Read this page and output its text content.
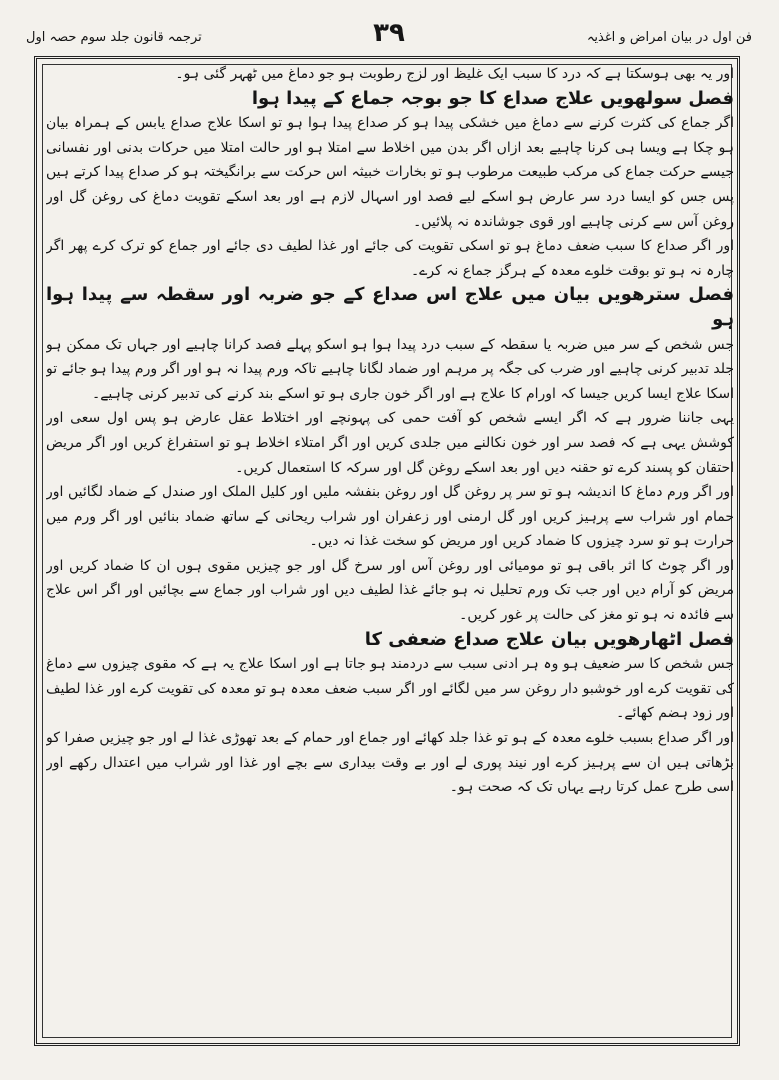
فن اول در بیان امراض و اغذیہ
۳۹
ترجمہ قانون جلد سوم حصہ اول

اور یہ بھی ہوسکتا ہے کہ درد کا سبب ایک غلیظ اور لزج رطوبت ہو جو دماغ میں ٹھہر گئی ہو۔

فصل سولھویں علاج صداع کا جو بوجہ جماع کے پیدا ہوا

اگر جماع کی کثرت کرنے سے دماغ میں خشکی پیدا ہو کر صداع پیدا ہوا ہو تو اسکا علاج صداع یابس کے ہمراہ بیان ہو چکا ہے ویسا ہی کرنا چاہیے بعد ازاں اگر بدن میں اخلاط سے امتلا ہو اور حالت امتلا میں حرکات بدنی اور نفسانی جیسے حرکت جماع کی مرکب طبیعت مرطوب ہو تو بخارات خبیثہ اس حرکت سے برانگیختہ ہو کر صداع پیدا کرتے ہیں پس جس کو ایسا درد سر عارض ہو اسکے لیے فصد اور اسہال لازم ہے اور بعد اسکے تقویت دماغ کی روغن گل اور روغن آس سے کرنی چاہیے اور قوی جوشاندہ نہ پلائیں۔

اور اگر صداع کا سبب ضعف دماغ ہو تو اسکی تقویت کی جائے اور غذا لطیف دی جائے اور جماع کو ترک کرے پھر اگر چارہ نہ ہو تو بوقت خلوے معدہ کے ہرگز جماع نہ کرے۔

فصل سترھویں بیان میں علاج اس صداع کے جو ضربہ اور سقطہ سے پیدا ہوا ہو

جس شخص کے سر میں ضربہ یا سقطہ کے سبب درد پیدا ہوا ہو اسکو پہلے فصد کرانا چاہیے اور جہاں تک ممکن ہو جلد تدبیر کرنی چاہیے اور ضرب کی جگہ پر مرہم اور ضماد لگانا چاہیے تاکہ ورم پیدا نہ ہو اور اگر ورم پیدا ہو جائے تو اسکا علاج ایسا کریں جیسا کہ اورام کا علاج ہے اور اگر خون جاری ہو تو اسکے بند کرنے کی تدبیر کرنی چاہیے۔

یہی جاننا ضرور ہے کہ اگر ایسے شخص کو آفت حمی کی پہونچے اور اختلاط عقل عارض ہو پس اول سعی اور کوشش یہی ہے کہ فصد سر اور خون نکالنے میں جلدی کریں اور اگر امتلاء اخلاط ہو تو استفراغ کریں اور اگر مریض احتقان کو پسند کرے تو حقنہ دیں اور بعد اسکے روغن گل اور سرکہ کا استعمال کریں۔

اور اگر ورم دماغ کا اندیشہ ہو تو سر پر روغن گل اور روغن بنفشہ ملیں اور کلیل الملک اور صندل کے ضماد لگائیں اور حمام اور شراب سے پرہیز کریں اور گل ارمنی اور زعفران اور شراب ریحانی کے ساتھ ضماد بنائیں اور اگر ورم میں حرارت ہو تو سرد چیزوں کا ضماد کریں اور مریض کو سخت غذا نہ دیں۔

اور اگر چوٹ کا اثر باقی ہو تو مومیائی اور روغن آس اور سرخ گل اور جو چیزیں مقوی ہوں ان کا ضماد کریں اور مریض کو آرام دیں اور جب تک ورم تحلیل نہ ہو جائے غذا لطیف دیں اور شراب اور جماع سے بچائیں اور اگر اس علاج سے فائدہ نہ ہو تو مغز کی حالت پر غور کریں۔

فصل اٹھارھویں بیان علاج صداع ضعفی کا

جس شخص کا سر ضعیف ہو وہ ہر ادنی سبب سے دردمند ہو جاتا ہے اور اسکا علاج یہ ہے کہ مقوی چیزوں سے دماغ کی تقویت کرے اور خوشبو دار روغن سر میں لگائے اور اگر سبب ضعف معدہ ہو تو معدہ کی تقویت کرے اور غذا لطیف اور زود ہضم کھائے۔

اور اگر صداع بسبب خلوے معدہ کے ہو تو غذا جلد کھائے اور جماع اور حمام کے بعد تھوڑی غذا لے اور جو چیزیں صفرا کو بڑھاتی ہیں ان سے پرہیز کرے اور نیند پوری لے اور بے وقت بیداری سے بچے اور غذا اور شراب میں اعتدال رکھے اور اسی طرح عمل کرتا رہے یہاں تک کہ صحت ہو۔
